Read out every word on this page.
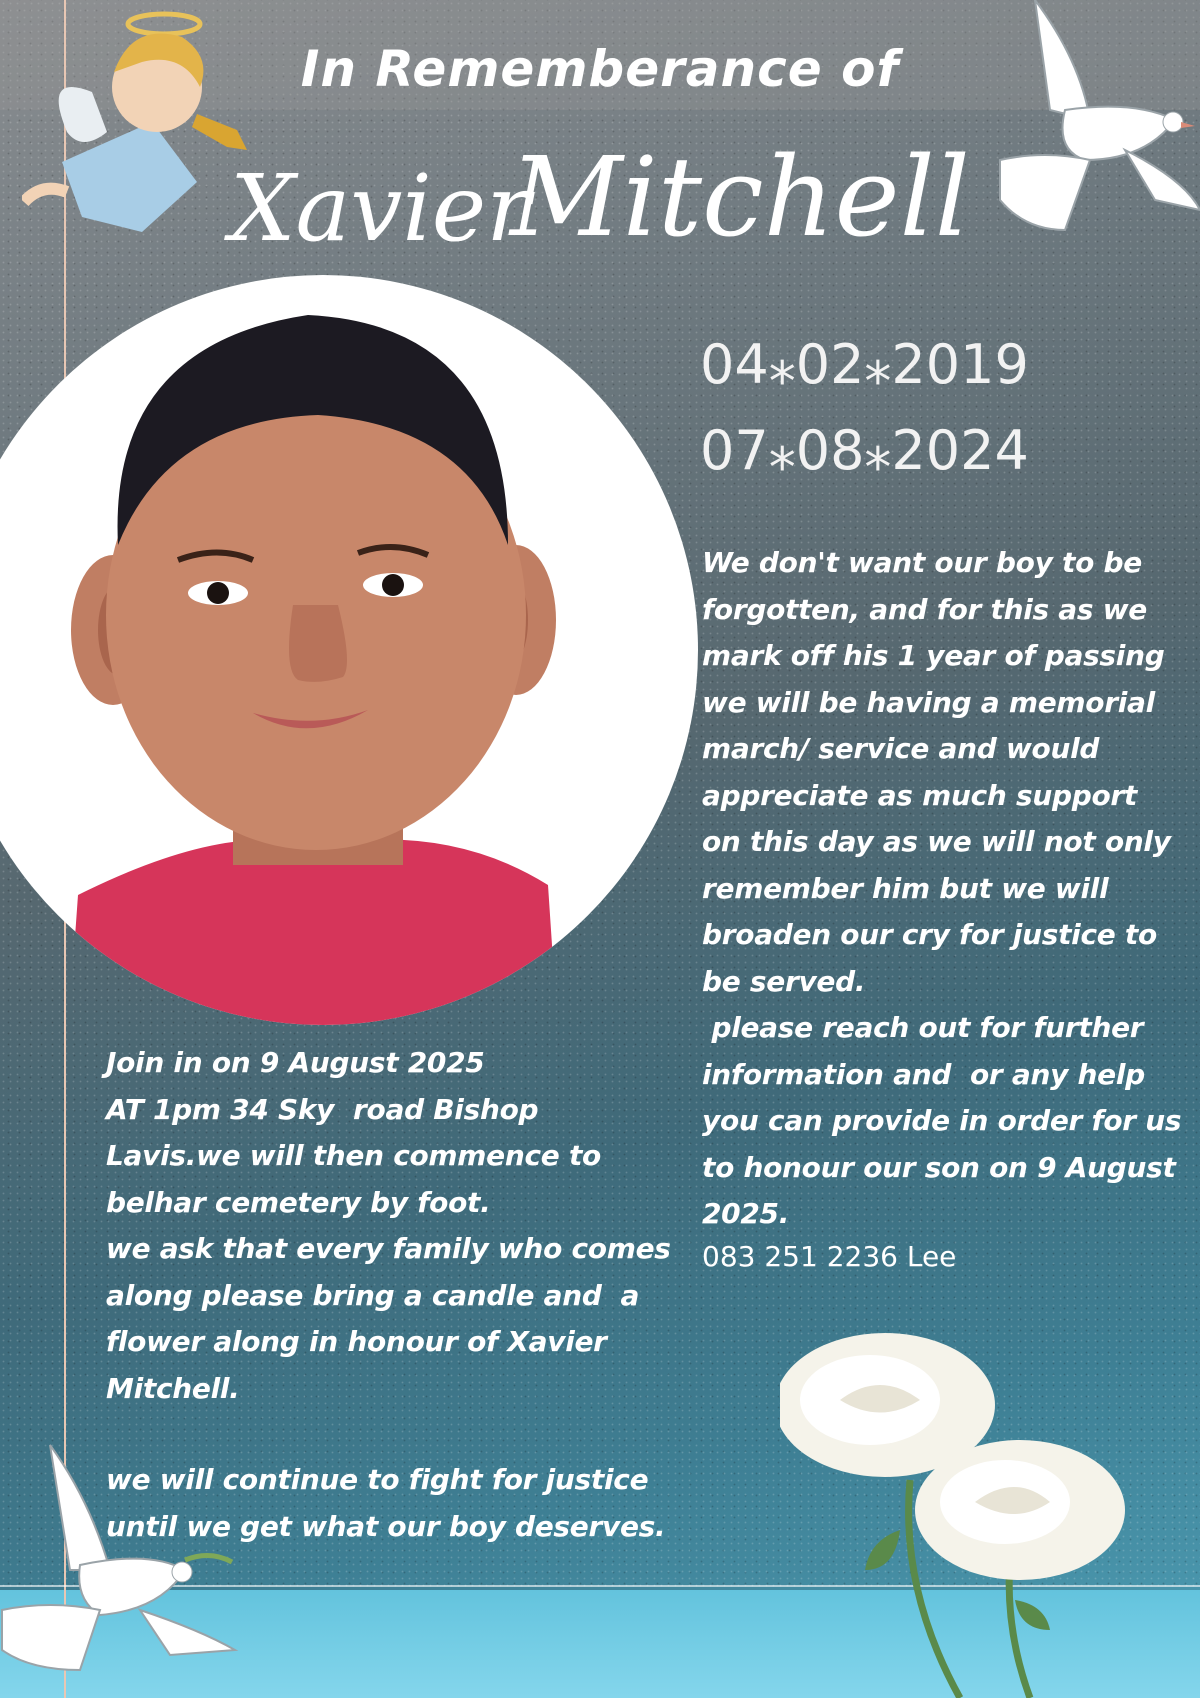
In Rememberance of
Xavier
Mitchell
04⁎02⁎2019
07⁎08⁎2024
We don't want our boy to be
forgotten, and for this as we
mark off his 1 year of passing
we will be having a memorial
march/ service and would
appreciate as much support
on this day as we will not only
remember him but we will
broaden our cry for justice to
be served.
please reach out for further
information and  or any help
you can provide in order for us
to honour our son on 9 August
2025.
083 251 2236 Lee
Join in on 9 August 2025
AT 1pm 34 Sky  road Bishop
Lavis.we will then commence to
belhar cemetery by foot.
we ask that every family who comes
along please bring a candle and  a
flower along in honour of Xavier
Mitchell.
we will continue to fight for justice
until we get what our boy deserves.
